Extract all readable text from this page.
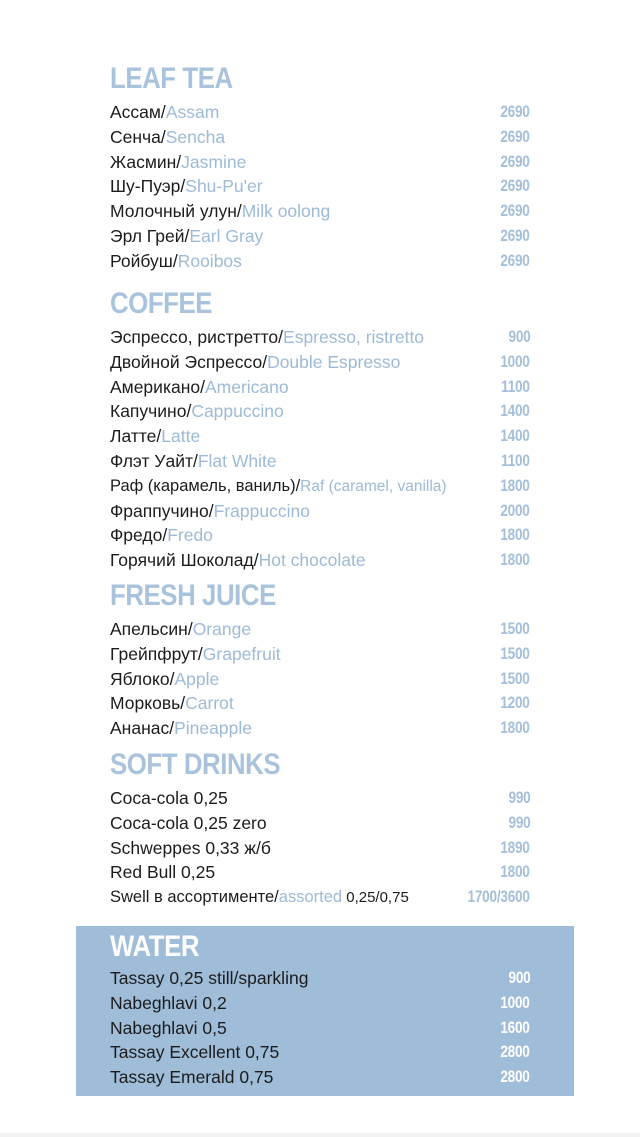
LEAF TEA
Ассам/Assam	2690
Сенча/Sencha	2690
Жасмин/Jasmine	2690
Шу-Пуэр/Shu-Pu'er	2690
Молочный улун/Milk oolong	2690
Эрл Грей/Earl Gray	2690
Ройбуш/Rooibos	2690
COFFEE
Эспрессо, ристретто/Espresso, ristretto	900
Двойной Эспрессо/Double Espresso	1000
Американо/Americano	1100
Капучино/Cappuccino	1400
Латте/Latte	1400
Флэт Уайт/Flat White	1100
Раф (карамель, ваниль)/Raf (caramel, vanilla)	1800
Фраппучино/Frappuccino	2000
Фредо/Fredo	1800
Горячий Шоколад/Hot chocolate	1800
FRESH JUICE
Апельсин/Orange	1500
Грейпфрут/Grapefruit	1500
Яблоко/Apple	1500
Морковь/Carrot	1200
Ананас/Pineapple	1800
SOFT DRINKS
Coca-cola 0,25	990
Coca-cola 0,25 zero	990
Schweppes 0,33 ж/б	1890
Red Bull 0,25	1800
Swell в ассортименте/assorted 0,25/0,75	1700/3600
WATER
Tassay 0,25 still/sparkling	900
Nabeghlavi 0,2	1000
Nabeghlavi 0,5	1600
Tassay Excellent 0,75	2800
Tassay Emerald 0,75	2800
